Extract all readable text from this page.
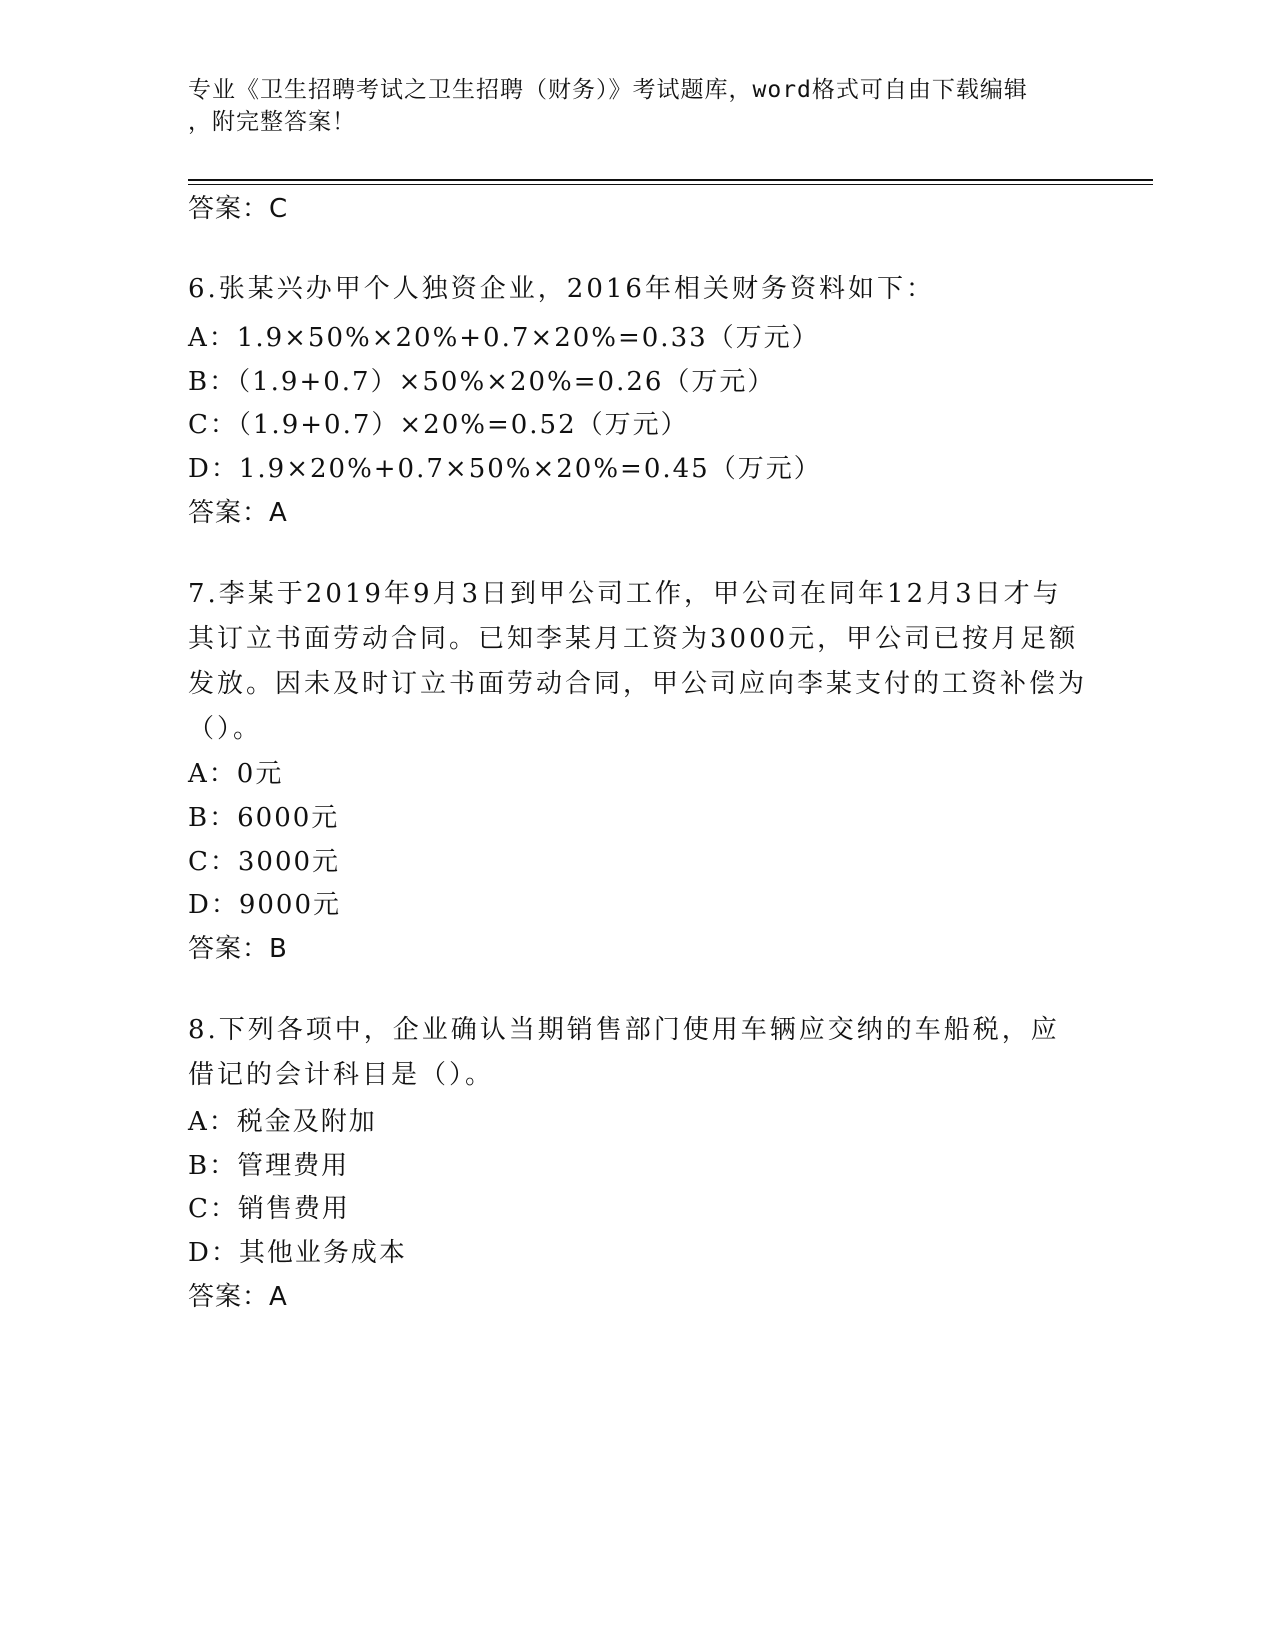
专业《卫生招聘考试之卫生招聘（财务）》考试题库，word格式可自由下载编辑
，附完整答案！
答案：C
6.张某兴办甲个人独资企业，2016年相关财务资料如下：
A：1.9×50%×20%+0.7×20%=0.33（万元）
B：（1.9+0.7）×50%×20%=0.26（万元）
C：（1.9+0.7）×20%=0.52（万元）
D：1.9×20%+0.7×50%×20%=0.45（万元）
答案：A
7.李某于2019年9月3日到甲公司工作，甲公司在同年12月3日才与其订立书面劳动合同。已知李某月工资为3000元，甲公司已按月足额发放。因未及时订立书面劳动合同，甲公司应向李某支付的工资补偿为（）。
A：0元
B：6000元
C：3000元
D：9000元
答案：B
8.下列各项中，企业确认当期销售部门使用车辆应交纳的车船税，应借记的会计科目是（）。
A：税金及附加
B：管理费用
C：销售费用
D：其他业务成本
答案：A
